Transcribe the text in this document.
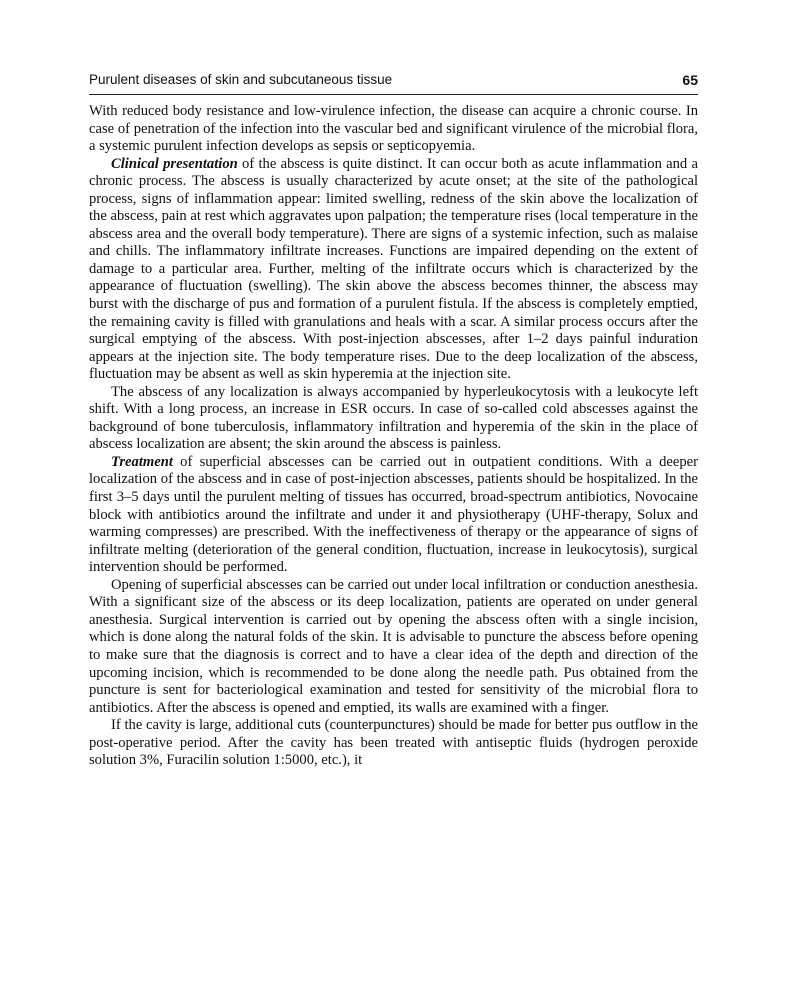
Purulent diseases of skin and subcutaneous tissue	65

With reduced body resistance and low-virulence infection, the disease can acquire a chronic course. In case of penetration of the infection into the vascular bed and significant virulence of the microbial flora, a systemic purulent infection develops as sepsis or septicopyemia.

Clinical presentation of the abscess is quite distinct. It can occur both as acute inflammation and a chronic process. The abscess is usually characterized by acute onset; at the site of the pathological process, signs of inflammation appear: limited swelling, redness of the skin above the localization of the abscess, pain at rest which aggravates upon palpation; the temperature rises (local temperature in the abscess area and the overall body temperature). There are signs of a systemic infection, such as malaise and chills. The inflammatory infiltrate increases. Functions are impaired depending on the extent of damage to a particular area. Further, melting of the infiltrate occurs which is characterized by the appearance of fluctuation (swelling). The skin above the abscess becomes thinner, the abscess may burst with the discharge of pus and formation of a purulent fistula. If the abscess is completely emptied, the remaining cavity is filled with granulations and heals with a scar. A similar process occurs after the surgical emptying of the abscess. With post-injection abscesses, after 1–2 days painful induration appears at the injection site. The body temperature rises. Due to the deep localization of the abscess, fluctuation may be absent as well as skin hyperemia at the injection site.

The abscess of any localization is always accompanied by hyperleukocytosis with a leukocyte left shift. With a long process, an increase in ESR occurs. In case of so-called cold abscesses against the background of bone tuberculosis, inflammatory infiltration and hyperemia of the skin in the place of abscess localization are absent; the skin around the abscess is painless.

Treatment of superficial abscesses can be carried out in outpatient conditions. With a deeper localization of the abscess and in case of post-injection abscesses, patients should be hospitalized. In the first 3–5 days until the purulent melting of tissues has occurred, broad-spectrum antibiotics, Novocaine block with antibiotics around the infiltrate and under it and physiotherapy (UHF-therapy, Solux and warming compresses) are prescribed. With the ineffectiveness of therapy or the appearance of signs of infiltrate melting (deterioration of the general condition, fluctuation, increase in leukocytosis), surgical intervention should be performed.

Opening of superficial abscesses can be carried out under local infiltration or conduction anesthesia. With a significant size of the abscess or its deep localization, patients are operated on under general anesthesia. Surgical intervention is carried out by opening the abscess often with a single incision, which is done along the natural folds of the skin. It is advisable to puncture the abscess before opening to make sure that the diagnosis is correct and to have a clear idea of the depth and direction of the upcoming incision, which is recommended to be done along the needle path. Pus obtained from the puncture is sent for bacteriological examination and tested for sensitivity of the microbial flora to antibiotics. After the abscess is opened and emptied, its walls are examined with a finger.

If the cavity is large, additional cuts (counterpunctures) should be made for better pus outflow in the post-operative period. After the cavity has been treated with antiseptic fluids (hydrogen peroxide solution 3%, Furacilin solution 1:5000, etc.), it
